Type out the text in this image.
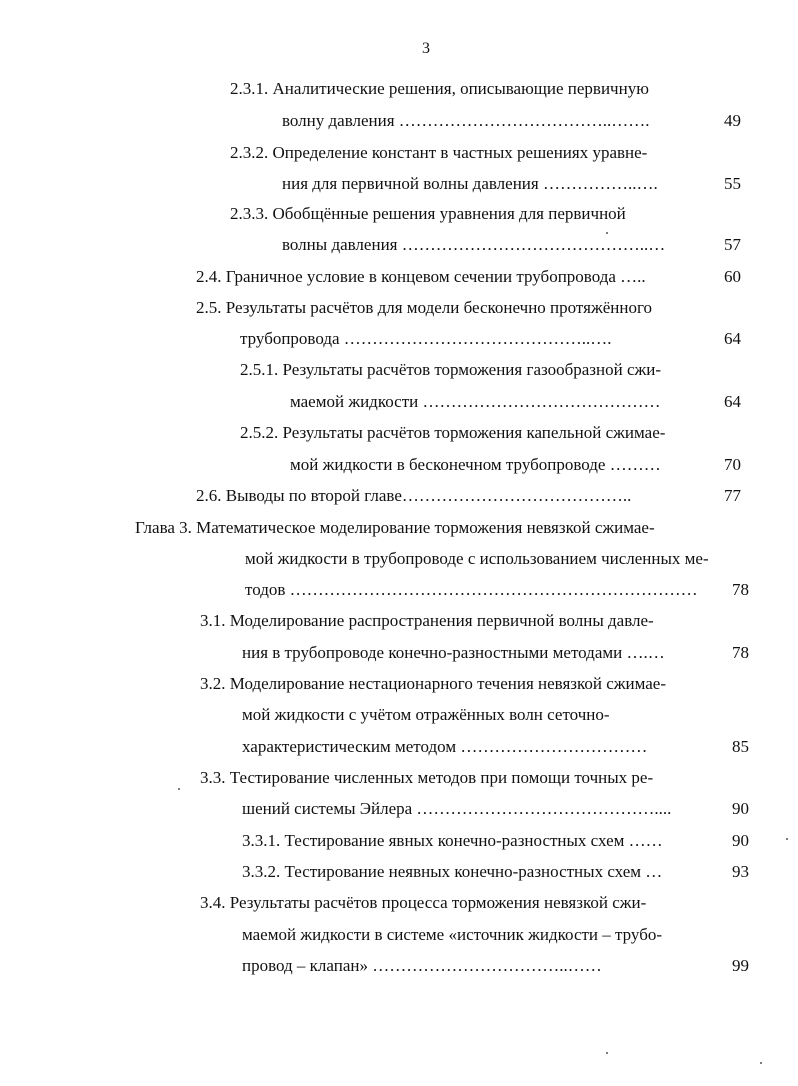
3
2.3.1. Аналитические решения, описывающие первичную
волну давления ………………………………..…….	49
2.3.2. Определение констант в частных решениях уравне-
ния для первичной волны давления ……………..….	55
2.3.3. Обобщённые решения уравнения для первичной
волны давления ……………………………………..…	57
2.4. Граничное условие в концевом сечении трубопровода …..	60
2.5. Результаты расчётов для модели бесконечно протяжённого
трубопровода ……………………………………..….	64
2.5.1. Результаты расчётов торможения газообразной сжи-
маемой жидкости ……………………………………	64
2.5.2. Результаты расчётов торможения капельной сжимае-
мой жидкости в бесконечном трубопроводе ………	70
2.6. Выводы по второй главе…………………………………..	77
Глава 3. Математическое моделирование торможения невязкой сжимае-
мой жидкости в трубопроводе с использованием численных ме-
тодов ……………………………………………………………… 78
3.1. Моделирование распространения первичной волны давле-
ния в трубопроводе конечно-разностными методами ….…	78
3.2. Моделирование нестационарного течения невязкой сжимае-
мой жидкости с учётом отражённых волн сеточно-
характеристическим методом ……………………………	85
3.3. Тестирование численных методов при помощи точных ре-
шений системы Эйлера ……………………………………....	90
3.3.1. Тестирование явных конечно-разностных схем ……	90
3.3.2. Тестирование неявных конечно-разностных схем …	93
3.4. Результаты расчётов процесса торможения невязкой сжи-
маемой жидкости в системе «источник жидкости – трубо-
провод – клапан» ……………………………..……	99
